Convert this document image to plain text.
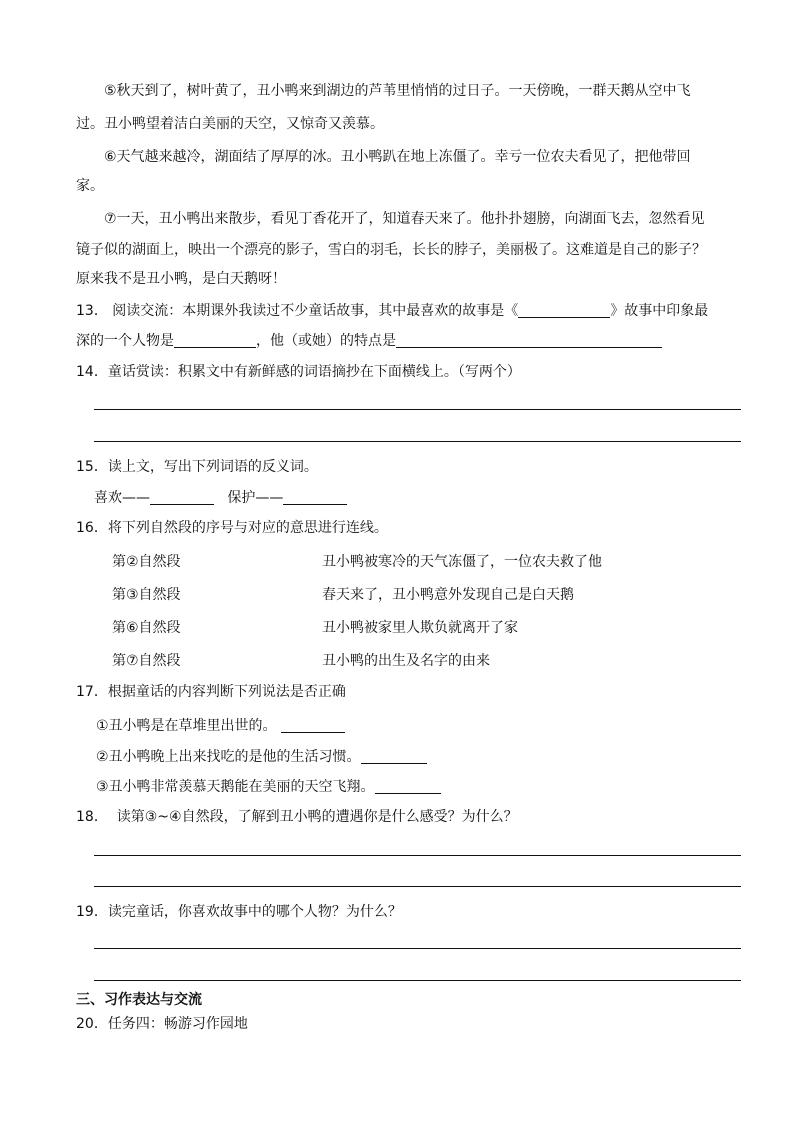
⑤秋天到了，树叶黄了，丑小鸭来到湖边的芦苇里悄悄的过日子。一天傍晚，一群天鹅从空中飞

过。丑小鸭望着洁白美丽的天空，又惊奇又羡慕。

⑥天气越来越冷，湖面结了厚厚的冰。丑小鸭趴在地上冻僵了。幸亏一位农夫看见了，把他带回

家。

⑦一天，丑小鸭出来散步，看见丁香花开了，知道春天来了。他扑扑翅膀，向湖面飞去，忽然看见

镜子似的湖面上，映出一个漂亮的影子，雪白的羽毛，长长的脖子，美丽极了。这难道是自己的影子？

原来我不是丑小鸭，是白天鹅呀！

13． 阅读交流：本期课外我读过不少童话故事，其中最喜欢的故事是《	》故事中印象最

深的一个人物是	，他（或她）的特点是

14．童话赏读：积累文中有新鲜感的词语摘抄在下面横线上。（写两个）

15．读上文，写出下列词语的反义词。

喜欢——	保护——

16．将下列自然段的序号与对应的意思进行连线。

第②自然段	丑小鸭被寒冷的天气冻僵了，一位农夫救了他
第③自然段	春天来了，丑小鸭意外发现自己是白天鹅
第⑥自然段	丑小鸭被家里人欺负就离开了家
第⑦自然段	丑小鸭的出生及名字的由来

17．根据童话的内容判断下列说法是否正确

①丑小鸭是在草堆里出世的。

②丑小鸭晚上出来找吃的是他的生活习惯。

③丑小鸭非常羡慕天鹅能在美丽的天空飞翔。

18． 读第③~④自然段，了解到丑小鸭的遭遇你是什么感受？为什么？

19．读完童话，你喜欢故事中的哪个人物？为什么？

三、习作表达与交流

20．任务四：畅游习作园地
